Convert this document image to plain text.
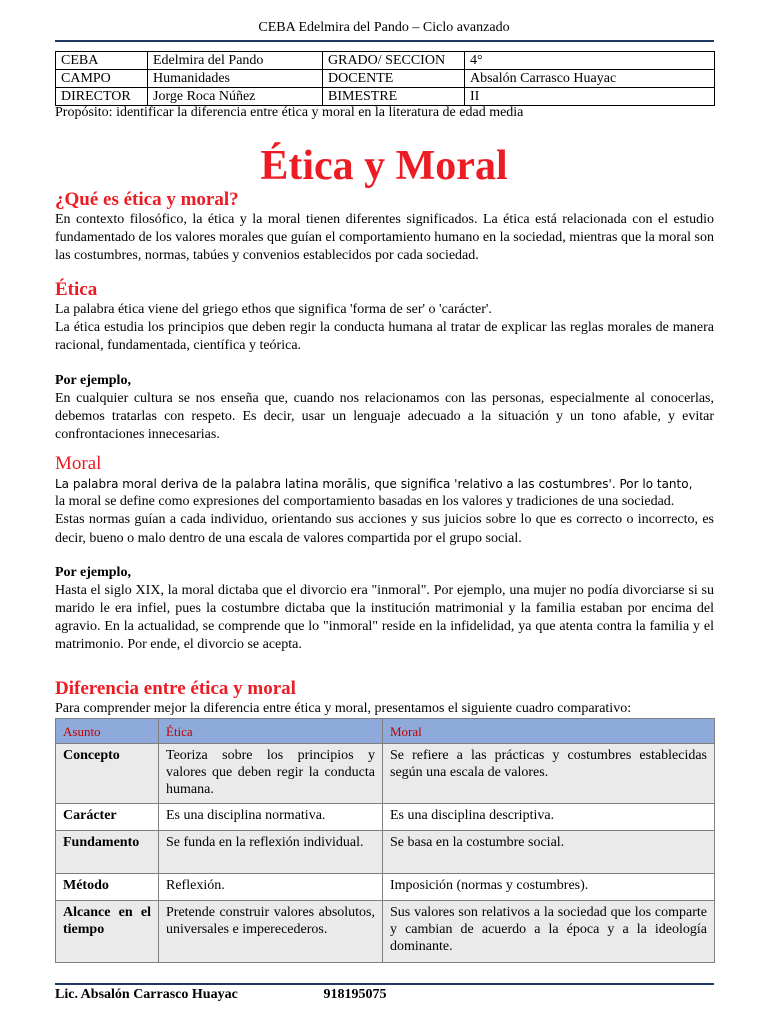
CEBA Edelmira del Pando – Ciclo avanzado
CEBA	Edelmira del Pando	GRADO/ SECCION	4°
CAMPO	Humanidades	DOCENTE	Absalón Carrasco Huayac
DIRECTOR	Jorge Roca Núñez	BIMESTRE	II
Propósito: identificar la diferencia entre ética y moral en la literatura de edad media
Ética y Moral
¿Qué es ética y moral?

En contexto filosófico, la ética y la moral tienen diferentes significados. La ética está relacionada con el estudio fundamentado de los valores morales que guían el comportamiento humano en la sociedad, mientras que la moral son las costumbres, normas, tabúes y convenios establecidos por cada sociedad.

Ética

La palabra ética viene del griego ethos que significa 'forma de ser' o 'carácter'.

La ética estudia los principios que deben regir la conducta humana al tratar de explicar las reglas morales de manera racional, fundamentada, científica y teórica.

Por ejemplo,

En cualquier cultura se nos enseña que, cuando nos relacionamos con las personas, especialmente al conocerlas, debemos tratarlas con respeto. Es decir, usar un lenguaje adecuado a la situación y un tono afable, y evitar confrontaciones innecesarias.

Moral

La palabra moral deriva de la palabra latina morālis, que significa 'relativo a las costumbres'. Por lo tanto,

la moral se define como expresiones del comportamiento basadas en los valores y tradiciones de una sociedad.

Estas normas guían a cada individuo, orientando sus acciones y sus juicios sobre lo que es correcto o incorrecto, es decir, bueno o malo dentro de una escala de valores compartida por el grupo social.

Por ejemplo,

Hasta el siglo XIX, la moral dictaba que el divorcio era "inmoral". Por ejemplo, una mujer no podía divorciarse si su marido le era infiel, pues la costumbre dictaba que la institución matrimonial y la familia estaban por encima del agravio. En la actualidad, se comprende que lo "inmoral" reside en la infidelidad, ya que atenta contra la familia y el matrimonio. Por ende, el divorcio se acepta.

Diferencia entre ética y moral

Para comprender mejor la diferencia entre ética y moral, presentamos el siguiente cuadro comparativo:

Asunto	Ética	Moral
Concepto	Teoriza sobre los principios y valores que deben regir la conducta humana.	Se refiere a las prácticas y costumbres establecidas según una escala de valores.
Carácter	Es una disciplina normativa.	Es una disciplina descriptiva.
Fundamento	Se funda en la reflexión individual.	Se basa en la costumbre social.
Método	Reflexión.	Imposición (normas y costumbres).
Alcance en el tiempo	Pretende construir valores absolutos, universales e imperecederos.	Sus valores son relativos a la sociedad que los comparte y cambian de acuerdo a la época y a la ideología dominante.
Lic. Absalón Carrasco Huayac	918195075
